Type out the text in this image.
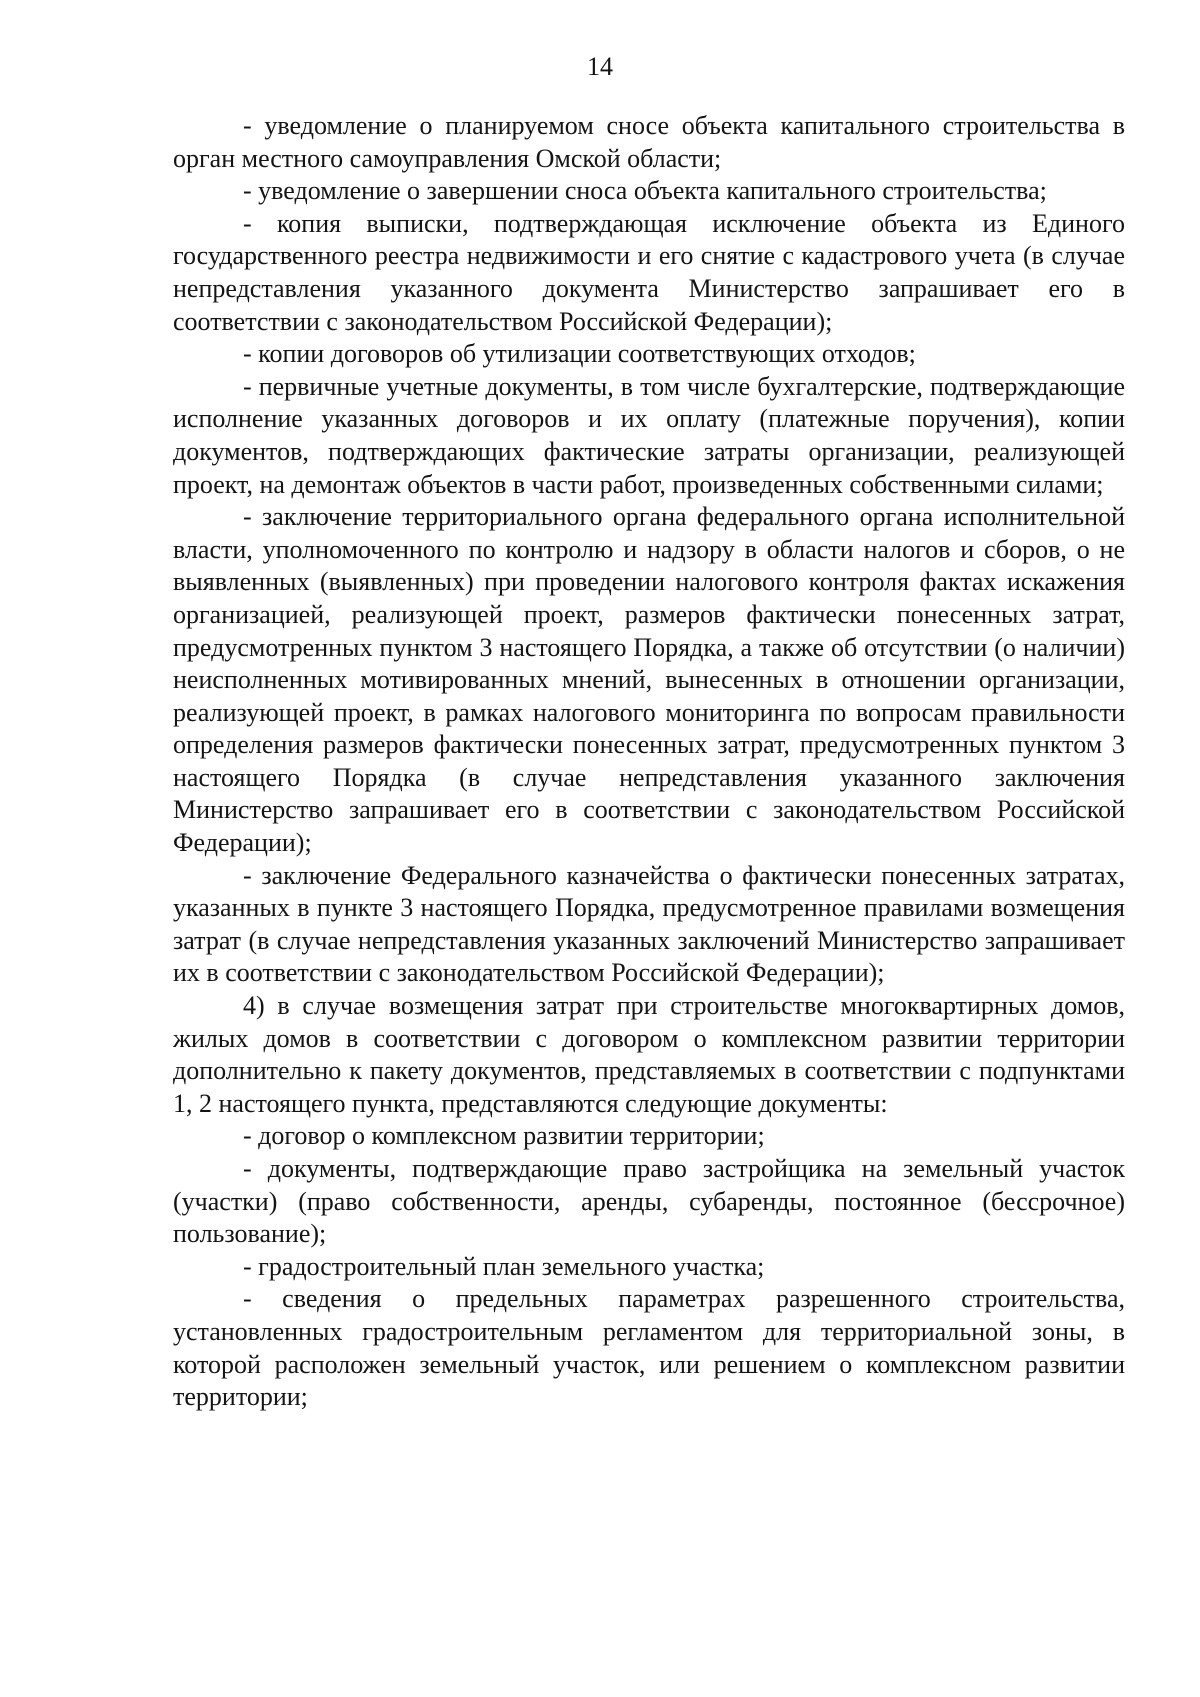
14

- уведомление о планируемом сносе объекта капитального строительства в орган местного самоуправления Омской области;

- уведомление о завершении сноса объекта капитального строительства;

- копия выписки, подтверждающая исключение объекта из Единого государственного реестра недвижимости и его снятие с кадастрового учета (в случае непредставления указанного документа Министерство запрашивает его в соответствии с законодательством Российской Федерации);

- копии договоров об утилизации соответствующих отходов;

- первичные учетные документы, в том числе бухгалтерские, подтверждающие исполнение указанных договоров и их оплату (платежные поручения), копии документов, подтверждающих фактические затраты организации, реализующей проект, на демонтаж объектов в части работ, произведенных собственными силами;

- заключение территориального органа федерального органа исполнительной власти, уполномоченного по контролю и надзору в области налогов и сборов, о не выявленных (выявленных) при проведении налогового контроля фактах искажения организацией, реализующей проект, размеров фактически понесенных затрат, предусмотренных пунктом 3 настоящего Порядка, а также об отсутствии (о наличии) неисполненных мотивированных мнений, вынесенных в отношении организации, реализующей проект, в рамках налогового мониторинга по вопросам правильности определения размеров фактически понесенных затрат, предусмотренных пунктом 3 настоящего Порядка (в случае непредставления указанного заключения Министерство запрашивает его в соответствии с законодательством Российской Федерации);

- заключение Федерального казначейства о фактически понесенных затратах, указанных в пункте 3 настоящего Порядка, предусмотренное правилами возмещения затрат (в случае непредставления указанных заключений Министерство запрашивает их в соответствии с законодательством Российской Федерации);

4) в случае возмещения затрат при строительстве многоквартирных домов, жилых домов в соответствии с договором о комплексном развитии территории дополнительно к пакету документов, представляемых в соответствии с подпунктами 1, 2 настоящего пункта, представляются следующие документы:

- договор о комплексном развитии территории;

- документы, подтверждающие право застройщика на земельный участок (участки) (право собственности, аренды, субаренды, постоянное (бессрочное) пользование);

- градостроительный план земельного участка;

- сведения о предельных параметрах разрешенного строительства, установленных градостроительным регламентом для территориальной зоны, в которой расположен земельный участок, или решением о комплексном развитии территории;
